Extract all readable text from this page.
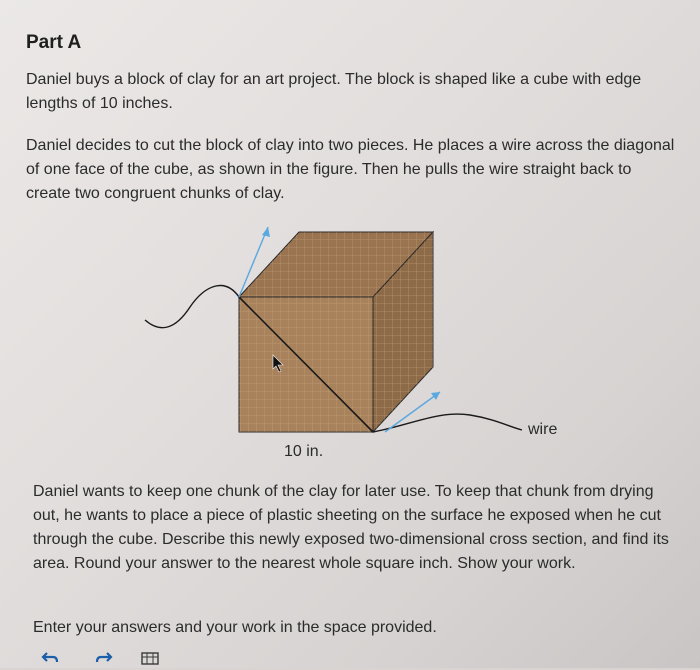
Part A

Daniel buys a block of clay for an art project. The block is shaped like a cube with edge lengths of 10 inches.

Daniel decides to cut the block of clay into two pieces. He places a wire across the diagonal of one face of the cube, as shown in the figure. Then he pulls the wire straight back to create two congruent chunks of clay.

wire
10 in.

Daniel wants to keep one chunk of the clay for later use. To keep that chunk from drying out, he wants to place a piece of plastic sheeting on the surface he exposed when he cut through the cube. Describe this newly exposed two-dimensional cross section, and find its area. Round your answer to the nearest whole square inch. Show your work.

Enter your answers and your work in the space provided.
